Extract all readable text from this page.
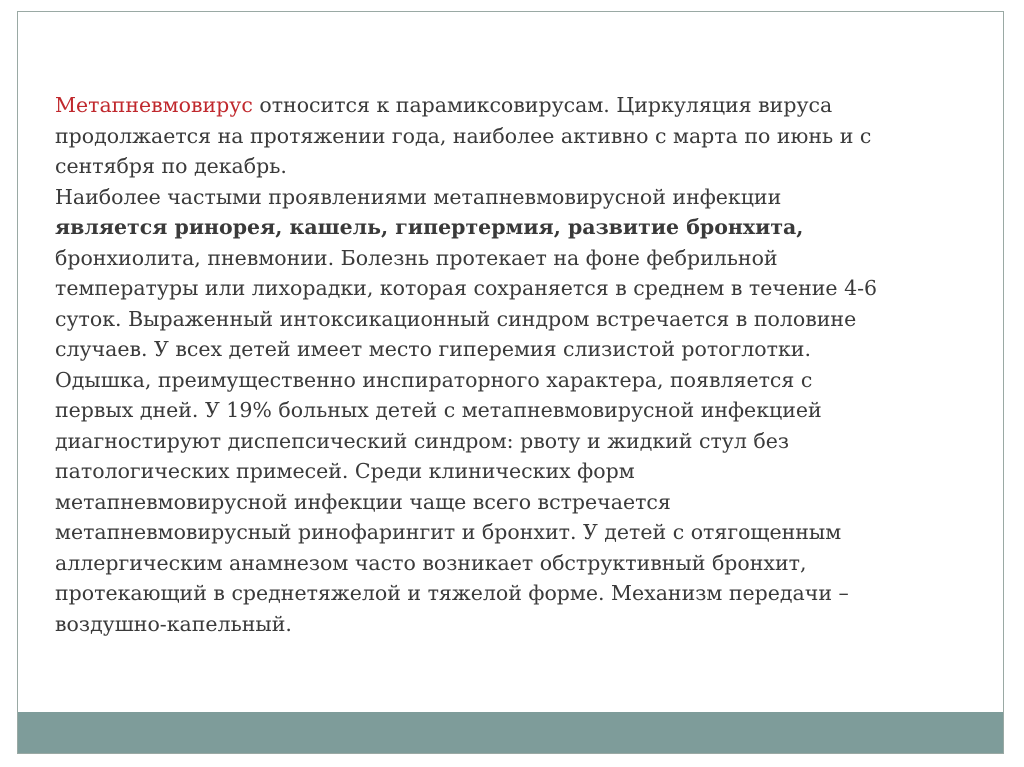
Метапневмовирус относится к парамиксовирусам. Циркуляция вируса
продолжается на протяжении года, наиболее активно с марта по июнь и с
сентября по декабрь.
Наиболее частыми проявлениями метапневмовирусной инфекции
является ринорея, кашель, гипертермия, развитие бронхита,
бронхиолита, пневмонии. Болезнь протекает на фоне фебрильной
температуры или лихорадки, которая сохраняется в среднем в течение 4-6
суток. Выраженный интоксикационный синдром встречается в половине
случаев. У всех детей имеет место гиперемия слизистой ротоглотки.
Одышка, преимущественно инспираторного характера, появляется с
первых дней. У 19% больных детей с метапневмовирусной инфекцией
диагностируют диспепсический синдром: рвоту и жидкий стул без
патологических примесей. Среди клинических форм
метапневмовирусной инфекции чаще всего встречается
метапневмовирусный ринофарингит и бронхит. У детей с отягощенным
аллергическим анамнезом часто возникает обструктивный бронхит,
протекающий в среднетяжелой и тяжелой форме. Механизм передачи –
воздушно-капельный.
